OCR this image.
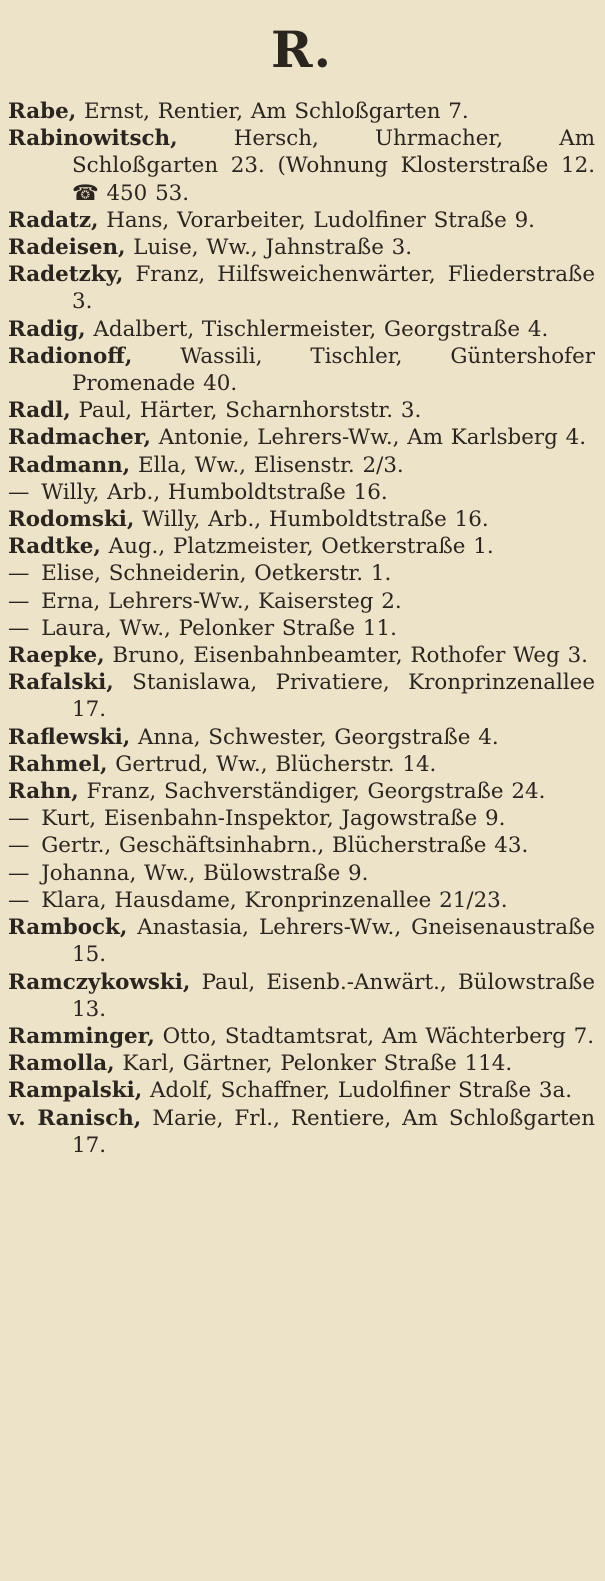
R.
Rabe, Ernst, Rentier, Am Schloßgarten 7.
Rabinowitsch, Hersch, Uhrmacher, Am Schloßgarten 23. (Wohnung Klosterstraße 12. ☎ 450 53.
Radatz, Hans, Vorarbeiter, Ludolfiner Straße 9.
Radeisen, Luise, Ww., Jahnstraße 3.
Radetzky, Franz, Hilfsweichenwärter, Fliederstraße 3.
Radig, Adalbert, Tischlermeister, Georgstraße 4.
Radionoff, Wassili, Tischler, Güntershofer Promenade 40.
Radl, Paul, Härter, Scharnhorststr. 3.
Radmacher, Antonie, Lehrers-Ww., Am Karlsberg 4.
Radmann, Ella, Ww., Elisenstr. 2/3.
— Willy, Arb., Humboldtstraße 16.
Rodomski, Willy, Arb., Humboldtstraße 16.
Radtke, Aug., Platzmeister, Oetkerstraße 1.
— Elise, Schneiderin, Oetkerstr. 1.
— Erna, Lehrers-Ww., Kaisersteg 2.
— Laura, Ww., Pelonker Straße 11.
Raepke, Bruno, Eisenbahnbeamter, Rothofer Weg 3.
Rafalski, Stanislawa, Privatiere, Kronprinzenallee 17.
Raflewski, Anna, Schwester, Georgstraße 4.
Rahmel, Gertrud, Ww., Blücherstr. 14.
Rahn, Franz, Sachverständiger, Georgstraße 24.
— Kurt, Eisenbahn-Inspektor, Jagowstraße 9.
— Gertr., Geschäftsinhabrn., Blücherstraße 43.
— Johanna, Ww., Bülowstraße 9.
— Klara, Hausdame, Kronprinzenallee 21/23.
Rambock, Anastasia, Lehrers-Ww., Gneisenaustraße 15.
Ramczykowski, Paul, Eisenb.-Anwärt., Bülowstraße 13.
Ramminger, Otto, Stadtamtsrat, Am Wächterberg 7.
Ramolla, Karl, Gärtner, Pelonker Straße 114.
Rampalski, Adolf, Schaffner, Ludolfiner Straße 3a.
v. Ranisch, Marie, Frl., Rentiere, Am Schloßgarten 17.
